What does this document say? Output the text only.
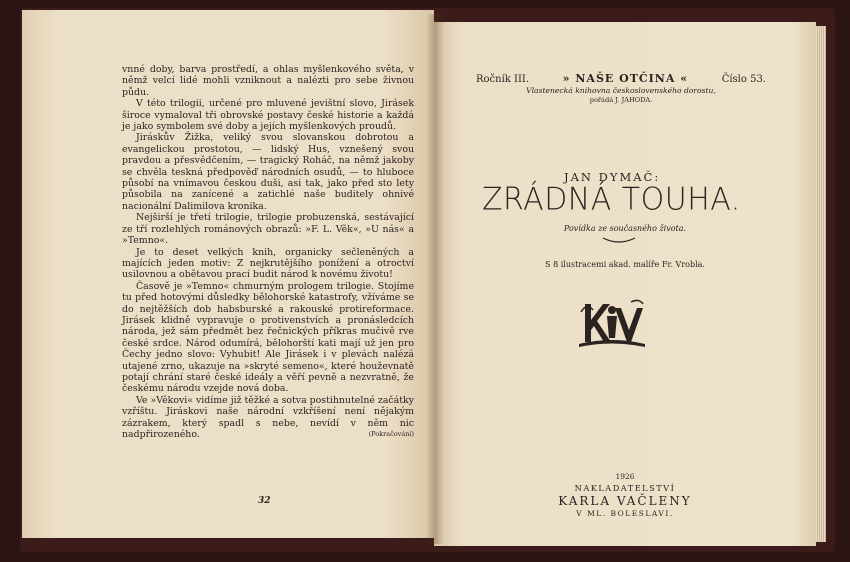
vnné doby, barva prostředí, a ohlas myšlenkového světa, v němž velcí lidé mohli vzniknout a nalézti pro sebe živnou půdu.

V této trilogii, určené pro mluvené jevištní slovo, Jirásek široce vymaloval tři obrovské postavy české historie a každá je jako symbolem své doby a jejích myšlenkových proudů.

Jiráskův Žižka, veliký svou slovanskou dobrotou a evangelickou prostotou, — lidský Hus, vznešený svou pravdou a přesvědčením, — tragický Roháč, na němž jakoby se chvěla teskná předpověď národních osudů, — to hluboce působí na vnímavou českou duši, asi tak, jako před sto lety působila na zanícené a zatichlé naše buditely ohnivé nacionální Dalimilova kronika.

Nejširší je třetí trilogie, trilogie probuzenská, sestávající ze tří rozlehlých románových obrazů: »F. L. Věk«, »U nás« a »Temno«.

Je to deset velkých knih, organicky sečleněných a majících jeden motiv: Z nejkrutějšího ponížení a otroctví usilovnou a obětavou prací budit národ k novému životu!

Časově je »Temno« chmurným prologem trilogie. Stojíme tu před hotovými důsledky bělohorské katastrofy, vžíváme se do nejtěžších dob habsburské a rakouské protireformace. Jirásek klidně vypravuje o protivenstvích a pronásledcích národa, jež sám předmět bez řečnických příkras mučivě rve české srdce. Národ odumírá, bělohorští kati mají už jen pro Čechy jedno slovo: Vyhubit! Ale Jirásek i v plevách nalézá utajené zrno, ukazuje na »skryté semeno«, které houževnatě potají chrání staré české ideály a věří pevně a nezvratně, že českému národu vzejde nová doba.

Ve »Věkovi« vidíme již těžké a sotva postihnutelné začátky vzříštu. Jiráskovi naše národní vzkříšení není nějakým zázrakem, který spadl s nebe, nevídí v něm nic nadpřirozeného.	(Pokračování)
32
Ročník III.	» NAŠE OTČINA «	Číslo 53.
Vlastenecká knihovna československého dorostu,
pořádá J. JAHODA.
JAN DYMAČ:
ZRÁDNÁ TOUHA.
Povídka ze současného života.
S 8 ilustracemi akad. malíře Fr. Vrobla.
1926
NAKLADATELSTVÍ
KARLA VAČLENY
V ML. BOLESLAVI.
